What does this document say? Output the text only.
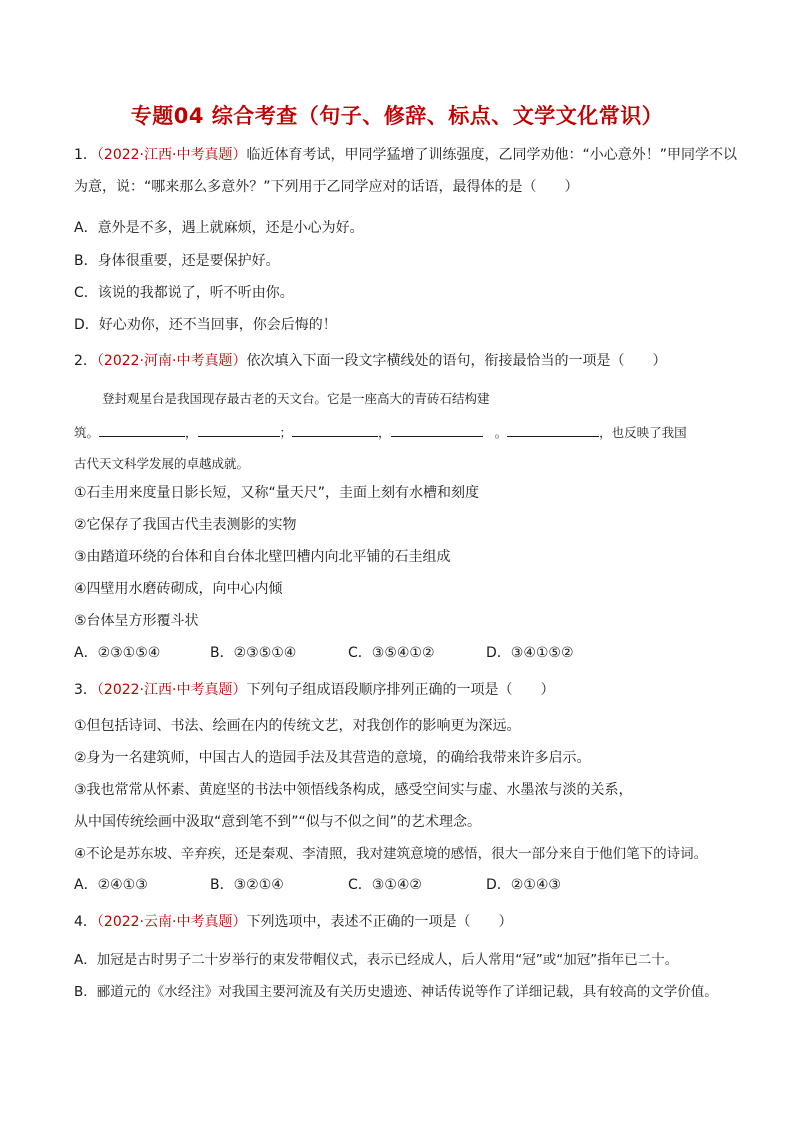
专题04 综合考查（句子、修辞、标点、文学文化常识）
1．（2022·江西·中考真题）临近体育考试，甲同学猛增了训练强度，乙同学劝他：“小心意外！”甲同学不以
为意，说：“哪来那么多意外？”下列用于乙同学应对的话语，最得体的是（　　）
A．意外是不多，遇上就麻烦，还是小心为好。
B．身体很重要，还是要保护好。
C．该说的我都说了，听不听由你。
D．好心劝你，还不当回事，你会后悔的！
2．（2022·河南·中考真题）依次填入下面一段文字横线处的语句，衔接最恰当的一项是（　　）
登封观星台是我国现存最古老的天文台。它是一座高大的青砖石结构建
筑。	，	；	，	。	，也反映了我国
古代天文科学发展的卓越成就。
①石圭用来度量日影长短，又称“量天尺”，圭面上刻有水槽和刻度
②它保存了我国古代圭表测影的实物
③由踏道环绕的台体和自台体北壁凹槽内向北平铺的石圭组成
④四壁用水磨砖砌成，向中心内倾
⑤台体呈方形覆斗状
A．②③①⑤④	B．②③⑤①④	C．③⑤④①②	D．③④①⑤②
3．（2022·江西·中考真题）下列句子组成语段顺序排列正确的一项是（　　）
①但包括诗词、书法、绘画在内的传统文艺，对我创作的影响更为深远。
②身为一名建筑师，中国古人的造园手法及其营造的意境，的确给我带来许多启示。
③我也常常从怀素、黄庭坚的书法中领悟线条构成，感受空间实与虚、水墨浓与淡的关系，
从中国传统绘画中汲取“意到笔不到”“似与不似之间”的艺术理念。
④不论是苏东坡、辛弃疾，还是秦观、李清照，我对建筑意境的感悟，很大一部分来自于他们笔下的诗词。
A．②④①③	B．③②①④	C．③①④②	D．②①④③
4．（2022·云南·中考真题）下列选项中，表述不正确的一项是（　　）
A．加冠是古时男子二十岁举行的束发带帽仪式，表示已经成人，后人常用“冠”或“加冠”指年已二十。
B．郦道元的《水经注》对我国主要河流及有关历史遗迹、神话传说等作了详细记载，具有较高的文学价值。
